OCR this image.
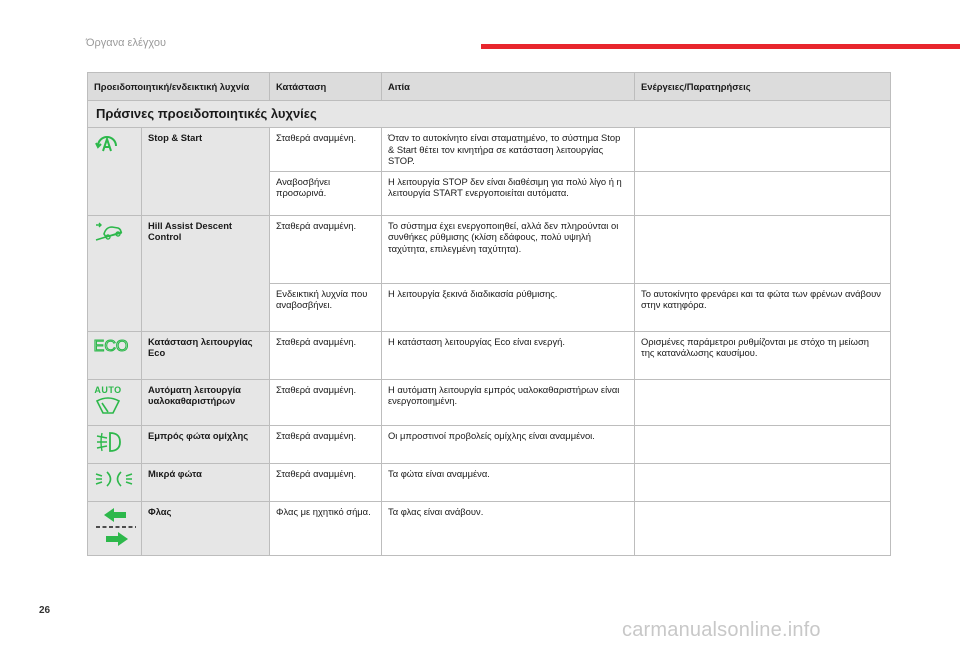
Όργανα ελέγχου
Προειδοποιητική/ενδεικτική λυχνία		Κατάσταση	Αιτία	Ενέργειες/Παρατηρήσεις
Πράσινες προειδοποιητικές λυχνίες				

	Stop & Start	Σταθερά αναμμένη.	Όταν το αυτοκίνητο είναι σταματημένο, το σύστημα Stop & Start θέτει τον κινητήρα σε κατάσταση λειτουργίας STOP.	
		Αναβοσβήνει προσωρινά.	Η λειτουργία STOP δεν είναι διαθέσιμη για πολύ λίγο ή η λειτουργία START ενεργοποιείται αυτόματα.	

	Hill Assist Descent Control	Σταθερά αναμμένη.	Το σύστημα έχει ενεργοποιηθεί, αλλά δεν πληρούνται οι συνθήκες ρύθμισης (κλίση εδάφους, πολύ υψηλή ταχύτητα, επιλεγμένη ταχύτητα).	
		Ενδεικτική λυχνία που αναβοσβήνει.	Η λειτουργία ξεκινά διαδικασία ρύθμισης.	Το αυτοκίνητο φρενάρει και τα φώτα των φρένων ανάβουν στην κατηφόρα.

ECO	Κατάσταση λειτουργίας Eco	Σταθερά αναμμένη.	Η κατάσταση λειτουργίας Eco είναι ενεργή.	Ορισμένες παράμετροι ρυθμίζονται με στόχο τη μείωση της κατανάλωσης καυσίμου.

AUTO	Αυτόματη λειτουργία υαλοκαθαριστήρων	Σταθερά αναμμένη.	Η αυτόματη λειτουργία εμπρός υαλοκαθαριστήρων είναι ενεργοποιημένη.	

	Εμπρός φώτα ομίχλης	Σταθερά αναμμένη.	Οι μπροστινοί προβολείς ομίχλης είναι αναμμένοι.	

	Μικρά φώτα	Σταθερά αναμμένη.	Τα φώτα είναι αναμμένα.	

	Φλας	Φλας με ηχητικό σήμα.	Τα φλας είναι ανάβουν.	
26
carmanualsonline.info
